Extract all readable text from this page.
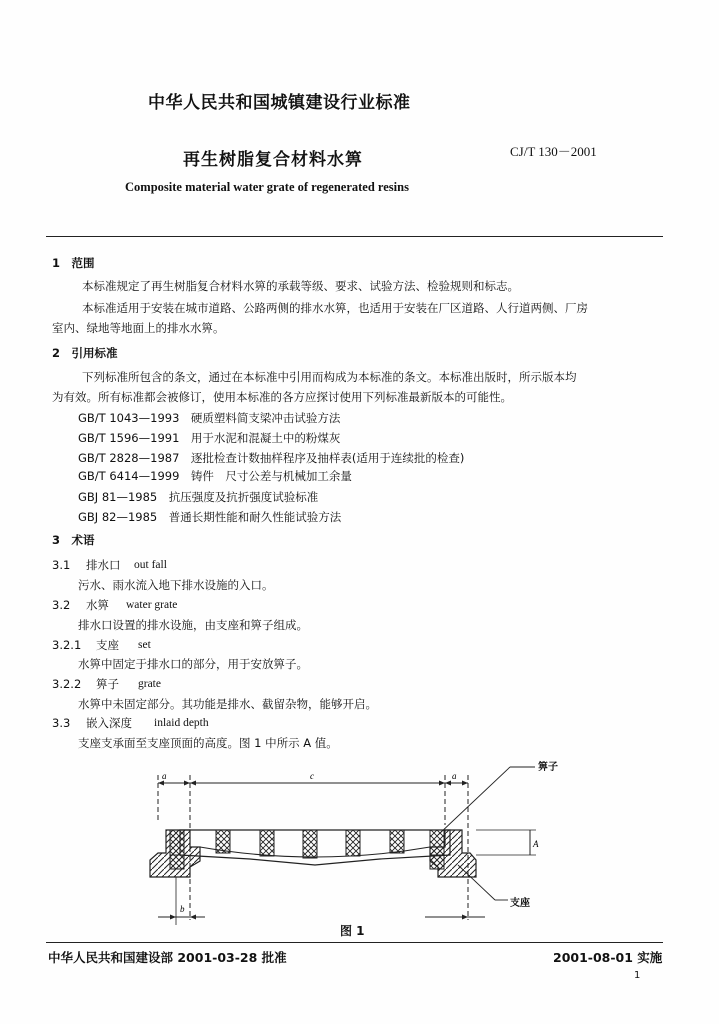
中华人民共和国城镇建设行业标准
再生树脂复合材料水箅	CJ/T 130－2001
Composite material water grate of regenerated resins
1　范围
本标准规定了再生树脂复合材料水箅的承载等级、要求、试验方法、检验规则和标志。
本标准适用于安装在城市道路、公路两侧的排水水箅，也适用于安装在厂区道路、人行道两侧、厂房
室内、绿地等地面上的排水水箅。
2　引用标准
下列标准所包含的条文，通过在本标准中引用而构成为本标准的条文。本标准出版时，所示版本均
为有效。所有标准都会被修订，使用本标准的各方应探讨使用下列标准最新版本的可能性。
GB/T 1043—1993　硬质塑料简支梁冲击试验方法
GB/T 1596—1991　用于水泥和混凝土中的粉煤灰
GB/T 2828—1987　逐批检查计数抽样程序及抽样表(适用于连续批的检查)
GB/T 6414—1999　铸件　尺寸公差与机械加工余量
GBJ 81—1985　抗压强度及抗折强度试验标准
GBJ 82—1985　普通长期性能和耐久性能试验方法
3　术语
3.1 排水口 out fall
污水、雨水流入地下排水设施的入口。
3.2 水箅 water grate
排水口设置的排水设施，由支座和箅子组成。
3.2.1 支座 set
水箅中固定于排水口的部分，用于安放箅子。
3.2.2 箅子 grate
水箅中未固定部分。其功能是排水、截留杂物，能够开启。
3.3 嵌入深度 inlaid depth
支座支承面至支座顶面的高度。图 1 中所示 A 值。
a	c	a
A
b
箅子
支座
图 1
中华人民共和国建设部 2001-03-28 批准	2001-08-01 实施
1
